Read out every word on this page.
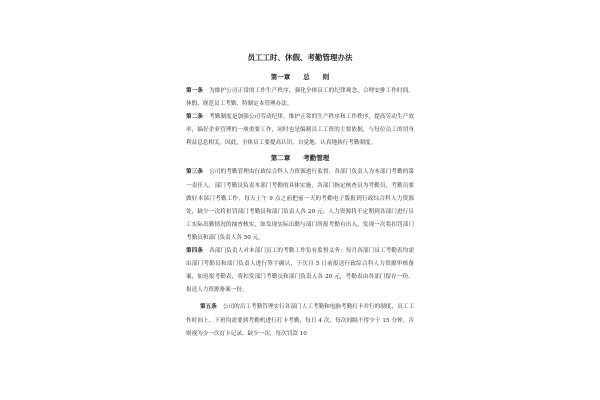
员工工时、休假、考勤管理办法
第一章　　总　　则

第一条 为维护公司正常的工作生产秩序，强化全体员工的纪律观念，合理安排工作时间、休假、规范员工考勤，特制定本管理办法。

第二条 考勤制度是加强公司劳动纪律，维护正常的生产秩序和工作秩序，提高劳动生产效率，搞好企业管理的一项重要工作，同时也是编制员工工资的主要依据，与每位员工的切身利益息息相关。因此，全体员工要提高认识，自觉地、认真地执行考勤制度。

第二章　　考勤管理

第三条 公司的考勤管理由行政综合科人力资源进行监督，各部门负责人为本部门考勤的第一责任人，部门考勤员负责本部门考勤的具体实施，各部门指定核查员为考勤员，考勤员要做好本部门考勤工作，每天上午 9 点之前把前一天的考勤电子版报到行政综合科人力资源处，缺少一次将扣罚部门考勤员和部门负责人各 20 元；人力资源将不定期到各部门进行员工实际出勤情况的抽查核实，如发现实际出勤与部门所报考勤有出入，发现一次将扣罚部门考勤员和部门负责人各 50 元。

第四条 各部门负责人对本部门员工的考勤工作负有监督义务：每月各部门员工考勤表均需由部门考勤员和部门负责人进行签字确认，于次月 5 日前报送行政综合科人力资源审核备案，如迟报考勤表，将扣发部门考勤员和部门负责人各 20 元，考勤表由各部门留存一份、报送人力资源备案一份。

第五条 公司的员工考勤管理实行各部门人工考勤和电脑考勤打卡并行的制度，员工工作时间上、下班均需要到考勤机进行打卡考勤，每日 4 次，每次间隔不得少于 15 分钟，否则视为少一次打卡记录。缺少一次，每次罚款 10
